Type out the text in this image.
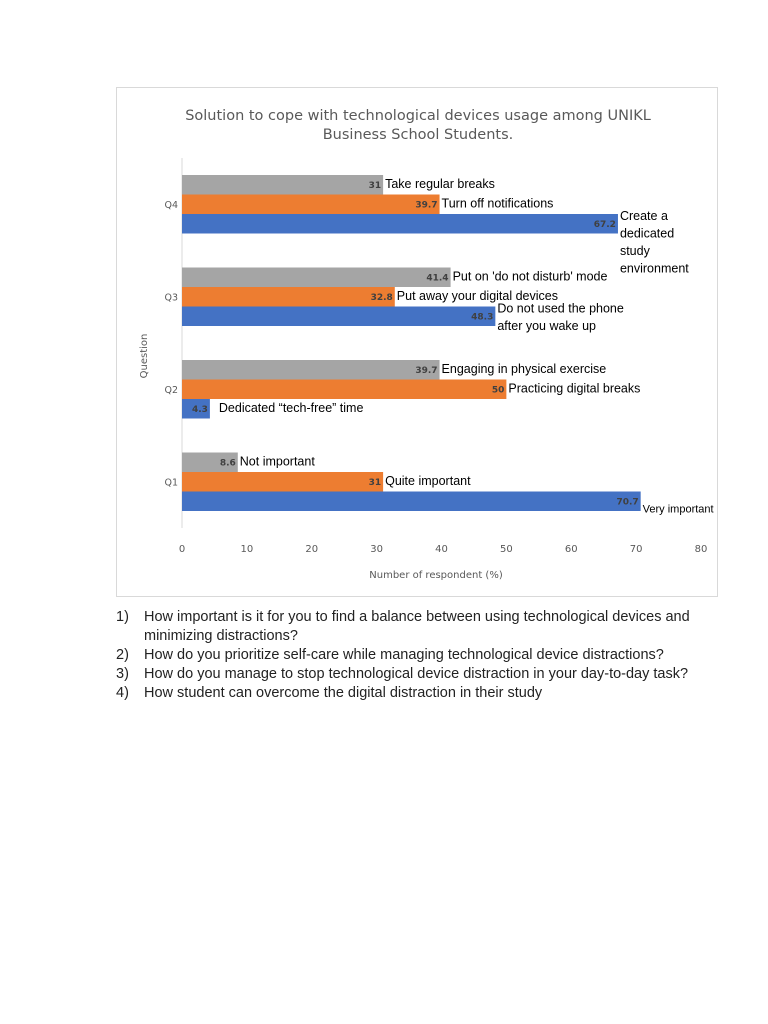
Solution to cope with technological devices usage among UNIKL
Business School Students.
0	10	20	30	40	50	60	70	80
Q1
70.7
Very important
31 Quite important
8.6 Not important
Q2
4.3 Dedicated “tech-free” time
50 Practicing digital breaks
39.7 Engaging in physical exercise
Q3
48.3
Do not used the phone
after you wake up
32.8 Put away your digital devices
41.4 Put on 'do not disturb' mode
Q4
67.2
Create a
dedicated
study
environment
39.7 Turn off notifications
31 Take regular breaks
Number of respondent (%)
Question
1)	How important is it for you to find a balance between using technological devices and minimizing distractions?
2)	How do you prioritize self-care while managing technological device distractions?
3)	How do you manage to stop technological device distraction in your day-to-day task?
4)	How student can overcome the digital distraction in their study
